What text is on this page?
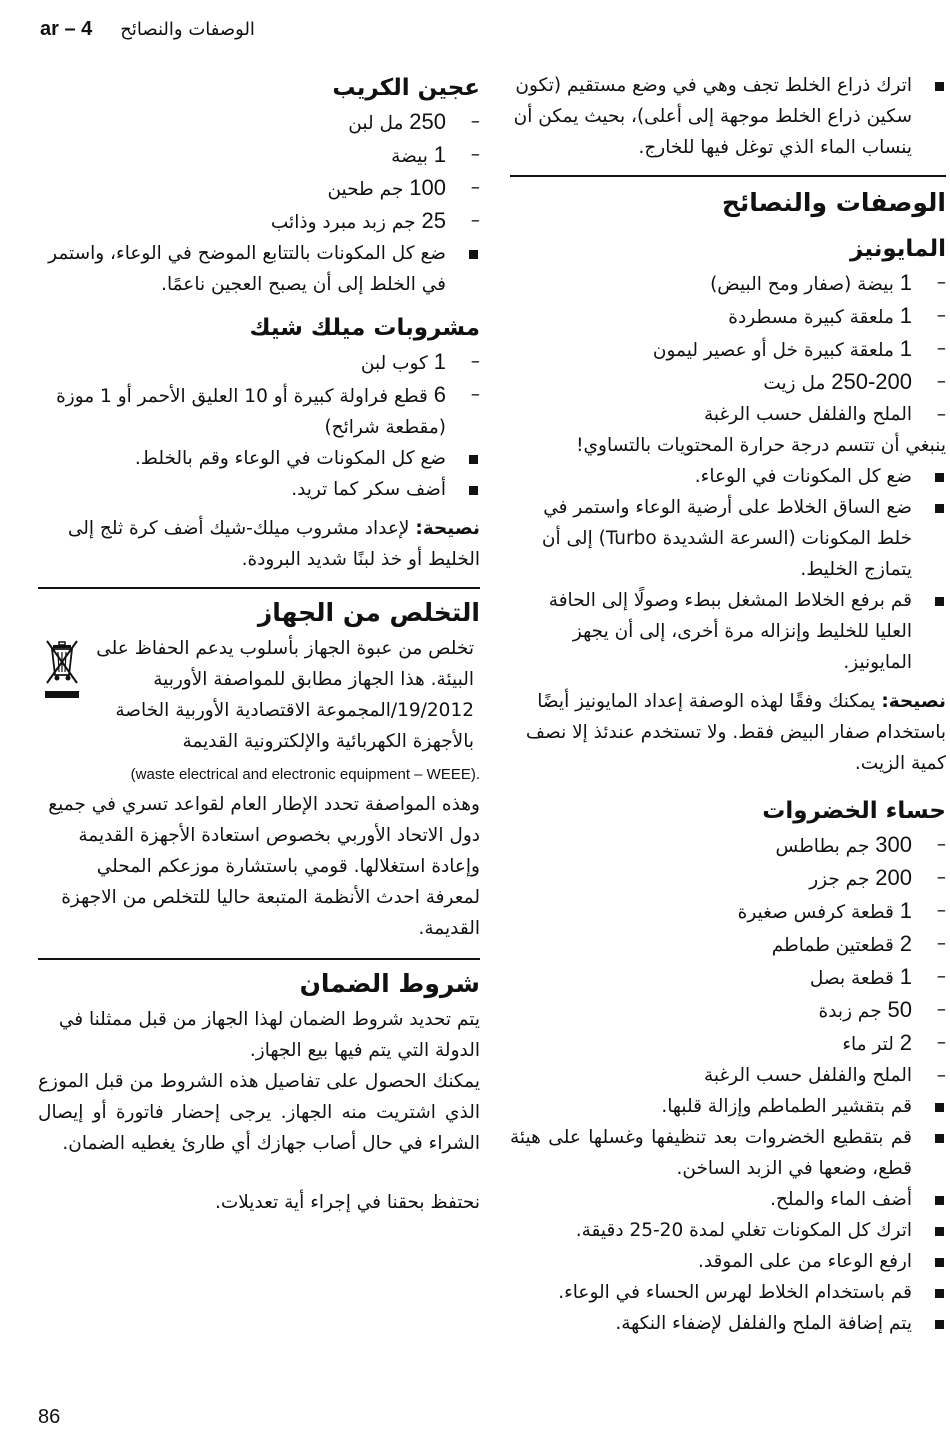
ar – 4 الوصفات والنصائح
اترك ذراع الخلط تجف وهي في وضع مستقيم (تكون سكين ذراع الخلط موجهة إلى أعلى)، بحيث يمكن أن ينساب الماء الذي توغل فيها للخارج.
الوصفات والنصائح
المايونيز
– 1 بيضة (صفار ومح البيض)
– 1 ملعقة كبيرة مسطردة
– 1 ملعقة كبيرة خل أو عصير ليمون
– 250-200 مل زيت
– الملح والفلفل حسب الرغبة

ينبغي أن تتسم درجة حرارة المحتويات بالتساوي!

ضع كل المكونات في الوعاء.
ضع الساق الخلاط على أرضية الوعاء واستمر في خلط المكونات (السرعة الشديدة Turbo) إلى أن يتمازج الخليط.
قم برفع الخلاط المشغل ببطء وصولًا إلى الحافة العليا للخليط وإنزاله مرة أخرى، إلى أن يجهز المايونيز.

نصيحة: يمكنك وفقًا لهذه الوصفة إعداد المايونيز أيضًا باستخدام صفار البيض فقط. ولا تستخدم عندئذ إلا نصف كمية الزيت.

حساء الخضروات
– 300 جم بطاطس
– 200 جم جزر
– 1 قطعة كرفس صغيرة
– 2 قطعتين طماطم
– 1 قطعة بصل
– 50 جم زبدة
– 2 لتر ماء
– الملح والفلفل حسب الرغبة
قم بتقشير الطماطم وإزالة قلبها.
قم بتقطيع الخضروات بعد تنظيفها وغسلها على هيئة قطع، وضعها في الزبد الساخن.
أضف الماء والملح.
اترك كل المكونات تغلي لمدة 20-25 دقيقة.
ارفع الوعاء من على الموقد.
قم باستخدام الخلاط لهرس الحساء في الوعاء.
يتم إضافة الملح والفلفل لإضفاء النكهة.
عجين الكريب
– 250 مل لبن
– 1 بيضة
– 100 جم طحين
– 25 جم زبد مبرد وذائب
ضع كل المكونات بالتتابع الموضح في الوعاء، واستمر في الخلط إلى أن يصبح العجين ناعمًا.
مشروبات ميلك شيك
– 1 كوب لبن
– 6 قطع فراولة كبيرة أو 10 العليق الأحمر أو 1 موزة (مقطعة شرائح)
ضع كل المكونات في الوعاء وقم بالخلط.
أضف سكر كما تريد.

نصيحة: لإعداد مشروب ميلك-شيك أضف كرة ثلج إلى الخليط أو خذ لبنًا شديد البرودة.

التخلص من الجهاز
تخلص من عبوة الجهاز بأسلوب يدعم الحفاظ على البيئة. هذا الجهاز مطابق للمواصفة الأوربية 19/2012/المجموعة الاقتصادية الأوربية الخاصة بالأجهزة الكهربائية والإلكترونية القديمة

(waste electrical and electronic equipment – WEEE).

وهذه المواصفة تحدد الإطار العام لقواعد تسري في جميع دول الاتحاد الأوربي بخصوص استعادة الأجهزة القديمة وإعادة استغلالها. قومي باستشارة موزعكم المحلي لمعرفة احدث الأنظمة المتبعة حاليا للتخلص من الاجهزة القديمة.

شروط الضمان

يتم تحديد شروط الضمان لهذا الجهاز من قبل ممثلنا في الدولة التي يتم فيها بيع الجهاز.

يمكنك الحصول على تفاصيل هذه الشروط من قبل الموزع الذي اشتريت منه الجهاز. يرجى إحضار فاتورة أو إيصال الشراء في حال أصاب جهازك أي طارئ يغطيه الضمان.

نحتفظ بحقنا في إجراء أية تعديلات.

86
